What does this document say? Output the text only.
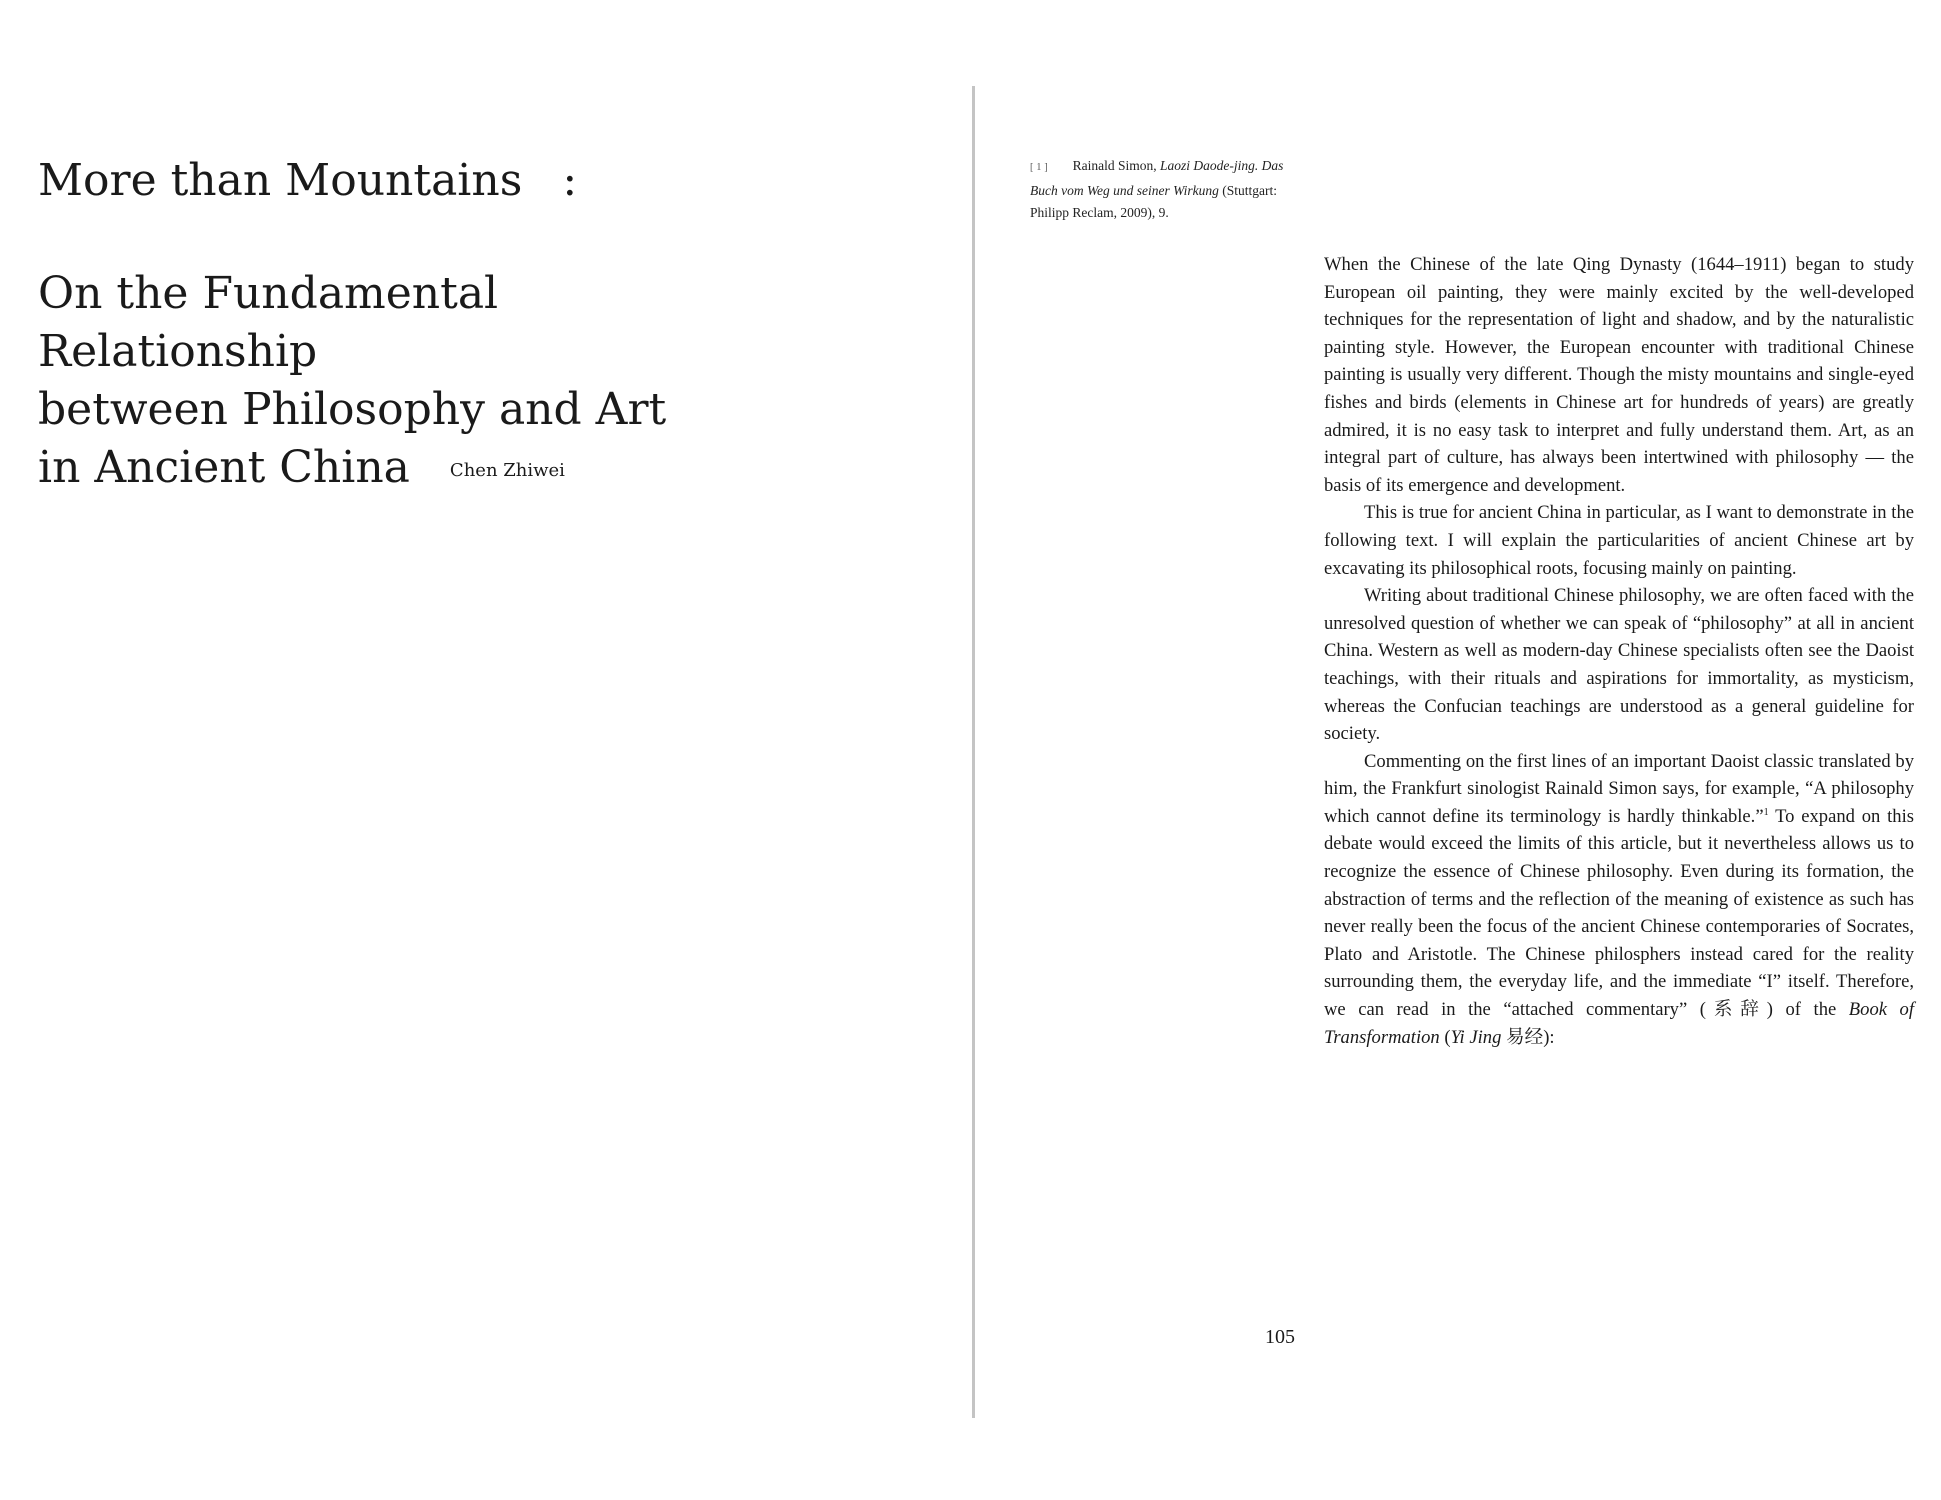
More than Mountains :
On the Fundamental
Relationship
between Philosophy and Art
in Ancient China Chen Zhiwei
[1] Rainald Simon, Laozi Daode-jing. Das Buch vom Weg und seiner Wirkung (Stuttgart: Philipp Reclam, 2009), 9.

When the Chinese of the late Qing Dynasty (1644–1911) began to study European oil painting, they were mainly excited by the well-developed techniques for the representation of light and shadow, and by the naturalistic painting style. However, the European encounter with traditional Chinese painting is usually very different. Though the misty mountains and single-eyed fishes and birds (elements in Chinese art for hundreds of years) are greatly admired, it is no easy task to interpret and fully understand them. Art, as an integral part of culture, has always been intertwined with philosophy — the basis of its emergence and development.

This is true for ancient China in particular, as I want to demonstrate in the following text. I will explain the particularities of ancient Chinese art by excavating its philosophical roots, focusing mainly on painting.

Writing about traditional Chinese philosophy, we are often faced with the unresolved question of whether we can speak of “philosophy” at all in ancient China. Western as well as modern-day Chinese specialists often see the Daoist teachings, with their rituals and aspirations for immortality, as mysticism, whereas the Confucian teachings are understood as a general guideline for society.

Commenting on the first lines of an important Daoist classic translated by him, the Frankfurt sinologist Rainald Simon says, for example, “A philosophy which cannot define its terminology is hardly thinkable.”$^1$ To expand on this debate would exceed the limits of this article, but it nevertheless allows us to recognize the essence of Chinese philosophy. Even during its formation, the abstraction of terms and the reflection of the meaning of existence as such has never really been the focus of the ancient Chinese contemporaries of Socrates, Plato and Aristotle. The Chinese philosphers instead cared for the reality surrounding them, the everyday life, and the immediate “I” itself. Therefore, we can read in the “attached commentary” (系辞) of the Book of Transformation (Yi Jing 易经):

105
